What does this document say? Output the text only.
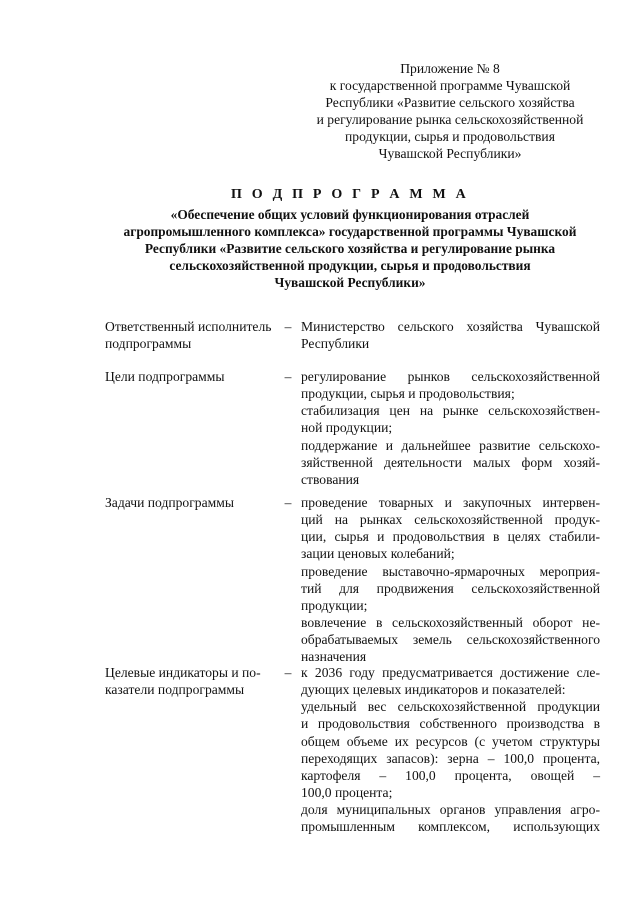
Приложение № 8
к государственной программе Чувашской
Республики «Развитие сельского хозяйства
и регулирование рынка сельскохозяйственной
продукции, сырья и продовольствия
Чувашской Республики»
П О Д П Р О Г Р А М М А
«Обеспечение общих условий функционирования отраслей
агропромышленного комплекса» государственной программы Чувашской
Республики «Развитие сельского хозяйства и регулирование рынка
сельскохозяйственной продукции, сырья и продовольствия
Чувашской Республики»
Ответственный исполнитель
подпрограммы
– Министерство сельского хозяйства Чувашской
Республики
Цели подпрограммы	– регулирование рынков сельскохозяйственной
продукции, сырья и продовольствия;
стабилизация цен на рынке сельскохозяйствен-
ной продукции;
поддержание и дальнейшее развитие сельскохо-
зяйственной деятельности малых форм хозяй-
ствования
Задачи подпрограммы	– проведение товарных и закупочных интервен-
ций на рынках сельскохозяйственной продук-
ции, сырья и продовольствия в целях стабили-
зации ценовых колебаний;
проведение выставочно-ярмарочных мероприя-
тий для продвижения сельскохозяйственной
продукции;
вовлечение в сельскохозяйственный оборот не-
обрабатываемых земель сельскохозяйственного
назначения
Целевые индикаторы и по-
казатели подпрограммы
– к 2036 году предусматривается достижение сле-
дующих целевых индикаторов и показателей:
удельный вес сельскохозяйственной продукции
и продовольствия собственного производства в
общем объеме их ресурсов (с учетом структуры
переходящих запасов): зерна – 100,0 процента,
картофеля – 100,0 процента, овощей –
100,0 процента;
доля муниципальных органов управления агро-
промышленным комплексом, использующих
